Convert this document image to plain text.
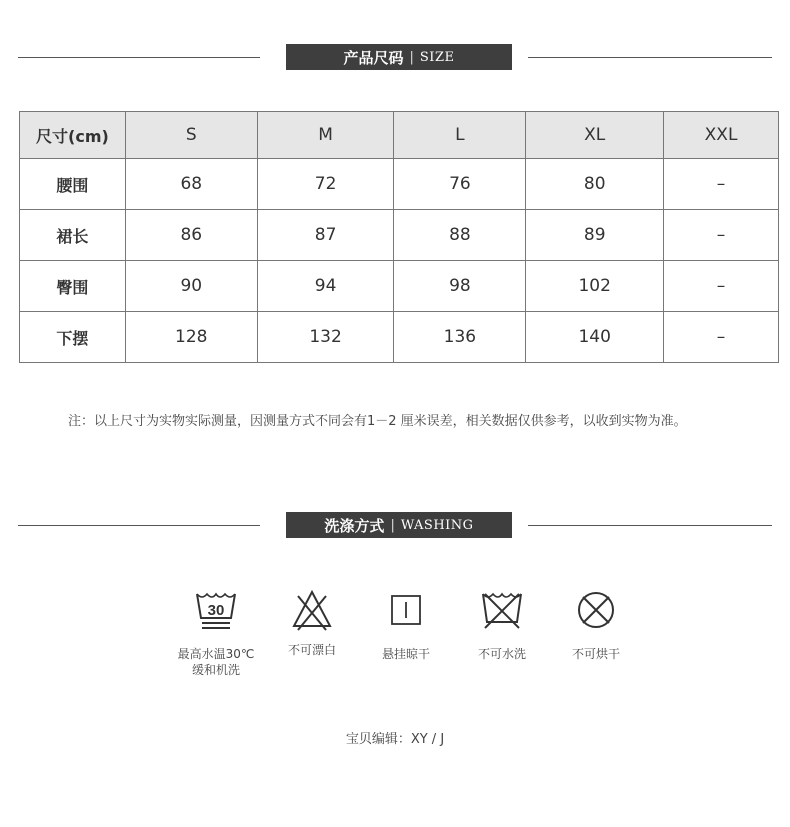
产品尺码 | SIZE
尺寸(cm)	S	M	L	XL	XXL
腰围	68	72	76	80	–
裙长	86	87	88	89	–
臀围	90	94	98	102	–
下摆	128	132	136	140	–
注：以上尺寸为实物实际测量，因测量方式不同会有1－2 厘米误差，相关数据仅供参考，以收到实物为准。
洗涤方式 | WASHING
30
最高水温30℃
缓和机洗
不可漂白	悬挂晾干	不可水洗	不可烘干
宝贝编辑：XY / J
